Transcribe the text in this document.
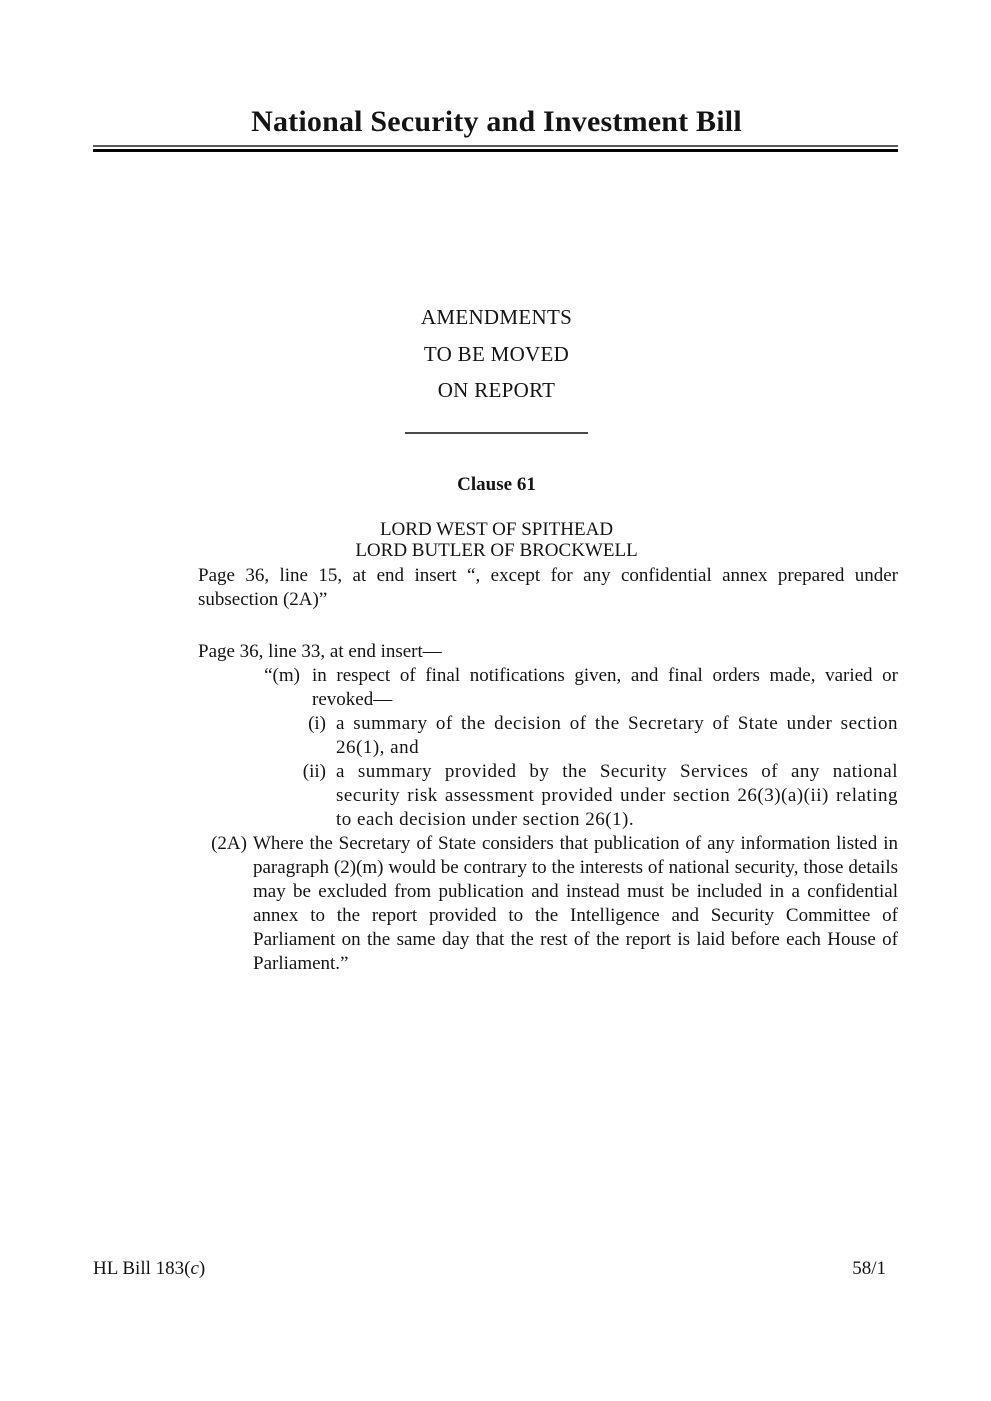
National Security and Investment Bill
AMENDMENTS
TO BE MOVED
ON REPORT
Clause 61
LORD WEST OF SPITHEAD
LORD BUTLER OF BROCKWELL

Page 36, line 15, at end insert “, except for any confidential annex prepared under subsection (2A)”

Page 36, line 33, at end insert—

“(m) in respect of final notifications given, and final orders made, varied or revoked—
(i) a summary of the decision of the Secretary of State under section 26(1), and
(ii) a summary provided by the Security Services of any national security risk assessment provided under section 26(3)(a)(ii) relating to each decision under section 26(1).
(2A) Where the Secretary of State considers that publication of any information listed in paragraph (2)(m) would be contrary to the interests of national security, those details may be excluded from publication and instead must be included in a confidential annex to the report provided to the Intelligence and Security Committee of Parliament on the same day that the rest of the report is laid before each House of Parliament.”
HL Bill 183(c)	58/1
